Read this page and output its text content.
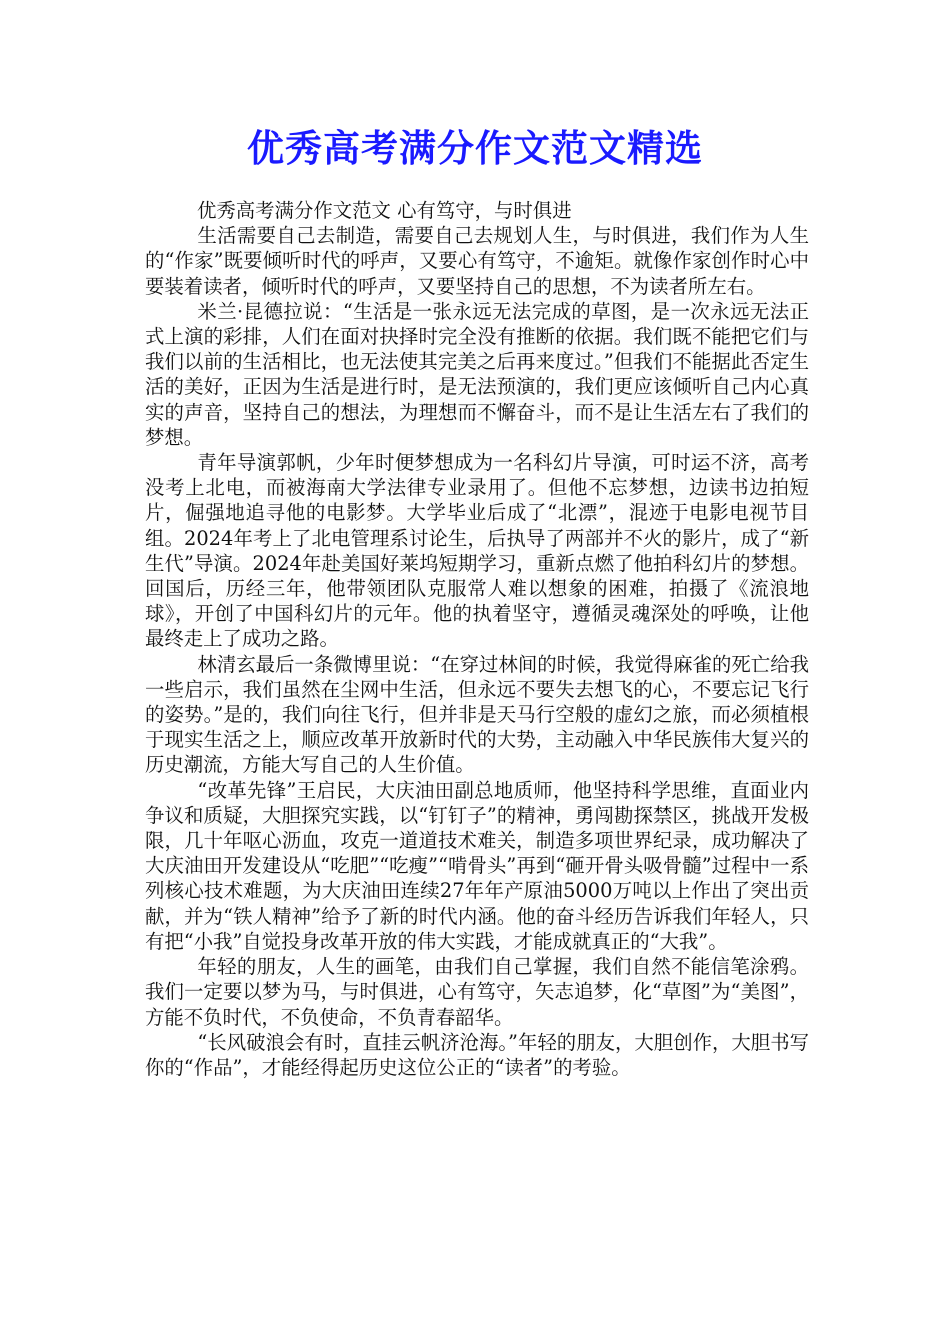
优秀高考满分作文范文精选

优秀高考满分作文范文 心有笃守，与时俱进

生活需要自己去制造，需要自己去规划人生，与时俱进，我们作为人生的“作家”既要倾听时代的呼声，又要心有笃守，不逾矩。就像作家创作时心中要装着读者，倾听时代的呼声，又要坚持自己的思想，不为读者所左右。

米兰·昆德拉说：“生活是一张永远无法完成的草图，是一次永远无法正式上演的彩排，人们在面对抉择时完全没有推断的依据。我们既不能把它们与我们以前的生活相比，也无法使其完美之后再来度过。”但我们不能据此否定生活的美好，正因为生活是进行时，是无法预演的，我们更应该倾听自己内心真实的声音，坚持自己的想法，为理想而不懈奋斗，而不是让生活左右了我们的梦想。

青年导演郭帆，少年时便梦想成为一名科幻片导演，可时运不济，高考没考上北电，而被海南大学法律专业录用了。但他不忘梦想，边读书边拍短片，倔强地追寻他的电影梦。大学毕业后成了“北漂”，混迹于电影电视节目组。2024年考上了北电管理系讨论生，后执导了两部并不火的影片，成了“新生代”导演。2024年赴美国好莱坞短期学习，重新点燃了他拍科幻片的梦想。回国后，历经三年，他带领团队克服常人难以想象的困难，拍摄了《流浪地球》，开创了中国科幻片的元年。他的执着坚守，遵循灵魂深处的呼唤，让他最终走上了成功之路。

林清玄最后一条微博里说：“在穿过林间的时候，我觉得麻雀的死亡给我一些启示，我们虽然在尘网中生活，但永远不要失去想飞的心，不要忘记飞行的姿势。”是的，我们向往飞行，但并非是天马行空般的虚幻之旅，而必须植根于现实生活之上，顺应改革开放新时代的大势，主动融入中华民族伟大复兴的历史潮流，方能大写自己的人生价值。

“改革先锋”王启民，大庆油田副总地质师，他坚持科学思维，直面业内争议和质疑，大胆探究实践，以“钉钉子”的精神，勇闯勘探禁区，挑战开发极限，几十年呕心沥血，攻克一道道技术难关，制造多项世界纪录，成功解决了大庆油田开发建设从“吃肥”“吃瘦”“啃骨头”再到“砸开骨头吸骨髓”过程中一系列核心技术难题，为大庆油田连续27年年产原油5000万吨以上作出了突出贡献，并为“铁人精神”给予了新的时代内涵。他的奋斗经历告诉我们年轻人，只有把“小我”自觉投身改革开放的伟大实践，才能成就真正的“大我”。

年轻的朋友，人生的画笔，由我们自己掌握，我们自然不能信笔涂鸦。我们一定要以梦为马，与时俱进，心有笃守，矢志追梦，化“草图”为“美图”，方能不负时代，不负使命，不负青春韶华。

“长风破浪会有时，直挂云帆济沧海。”年轻的朋友，大胆创作，大胆书写你的“作品”，才能经得起历史这位公正的“读者”的考验。
